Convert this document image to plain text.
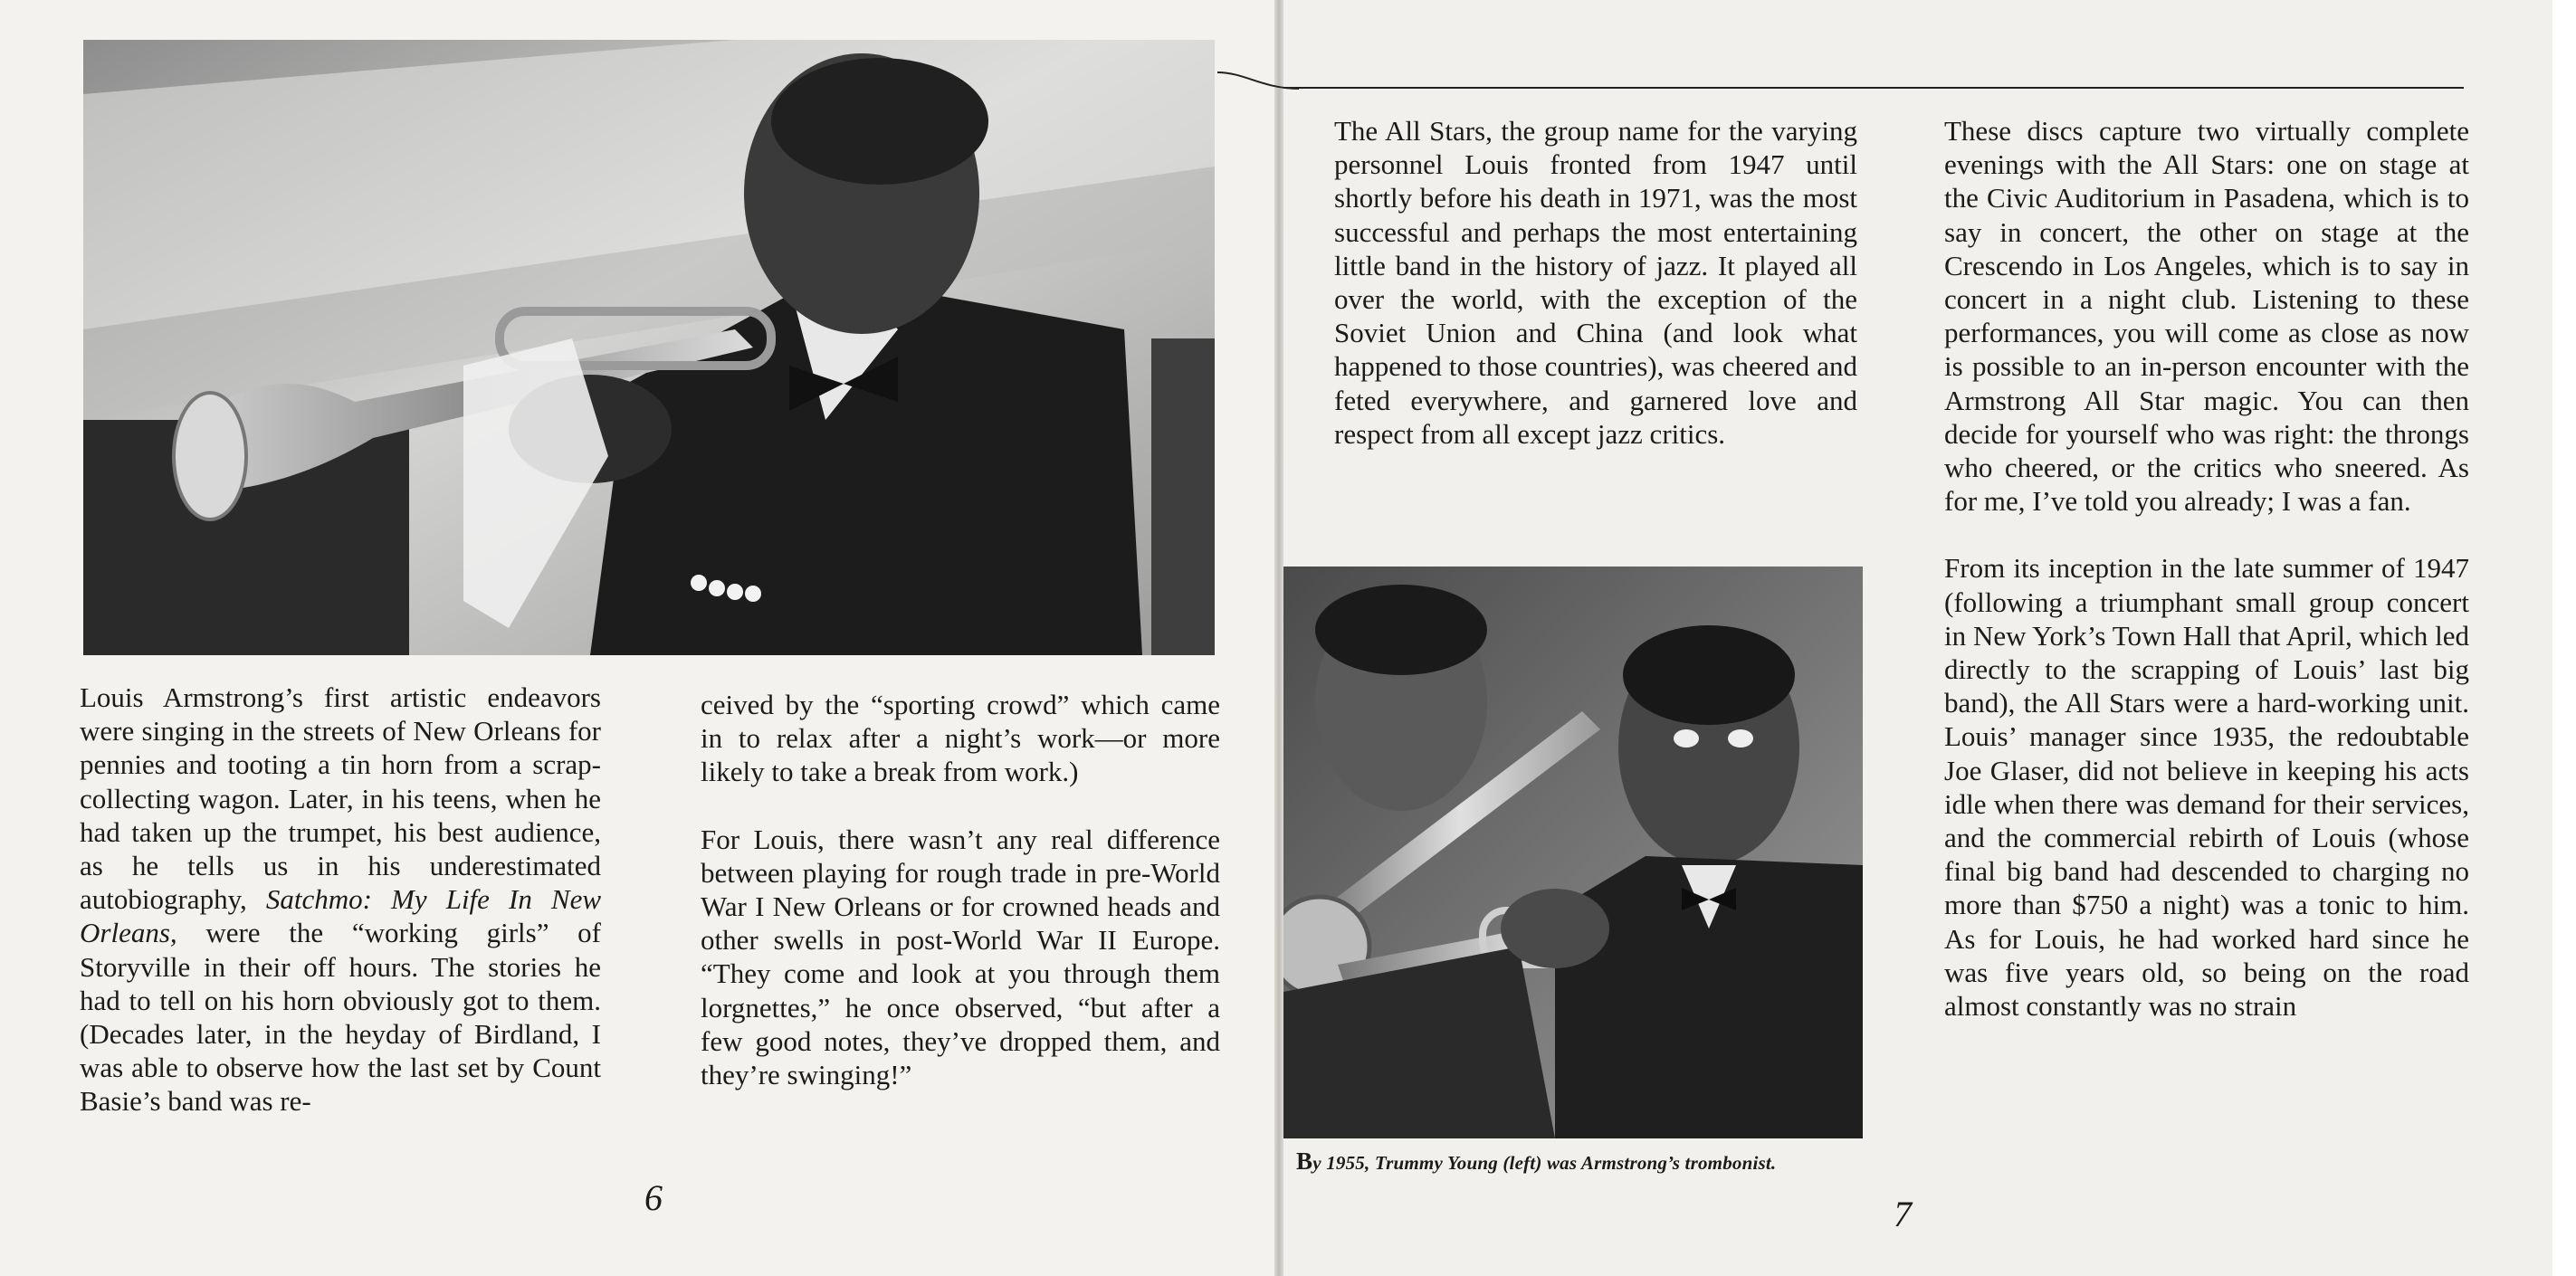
Louis Armstrong’s first artistic endeavors were singing in the streets of New Orleans for pennies and tooting a tin horn from a scrap-collecting wagon. Later, in his teens, when he had taken up the trumpet, his best audience, as he tells us in his underestimated autobiography, Satchmo: My Life In New Orleans, were the “working girls” of Storyville in their off hours. The stories he had to tell on his horn obviously got to them. (Decades later, in the heyday of Birdland, I was able to observe how the last set by Count Basie’s band was re-

ceived by the “sporting crowd” which came in to relax after a night’s work—or more likely to take a break from work.)

For Louis, there wasn’t any real difference between playing for rough trade in pre-World War I New Orleans or for crowned heads and other swells in post-World War II Europe. “They come and look at you through them lorgnettes,” he once observed, “but after a few good notes, they’ve dropped them, and they’re swinging!”

6

The All Stars, the group name for the varying personnel Louis fronted from 1947 until shortly before his death in 1971, was the most successful and perhaps the most entertaining little band in the history of jazz. It played all over the world, with the exception of the Soviet Union and China (and look what happened to those countries), was cheered and feted everywhere, and garnered love and respect from all except jazz critics.

By 1955, Trummy Young (left) was Armstrong’s trombonist.

These discs capture two virtually complete evenings with the All Stars: one on stage at the Civic Auditorium in Pasadena, which is to say in concert, the other on stage at the Crescendo in Los Angeles, which is to say in concert in a night club. Listening to these performances, you will come as close as now is possible to an in-person encounter with the Armstrong All Star magic. You can then decide for yourself who was right: the throngs who cheered, or the critics who sneered. As for me, I’ve told you already; I was a fan.

From its inception in the late summer of 1947 (following a triumphant small group concert in New York’s Town Hall that April, which led directly to the scrapping of Louis’ last big band), the All Stars were a hard-working unit. Louis’ manager since 1935, the redoubtable Joe Glaser, did not believe in keeping his acts idle when there was demand for their services, and the commercial rebirth of Louis (whose final big band had descended to charging no more than $750 a night) was a tonic to him. As for Louis, he had worked hard since he was five years old, so being on the road almost constantly was no strain

7
